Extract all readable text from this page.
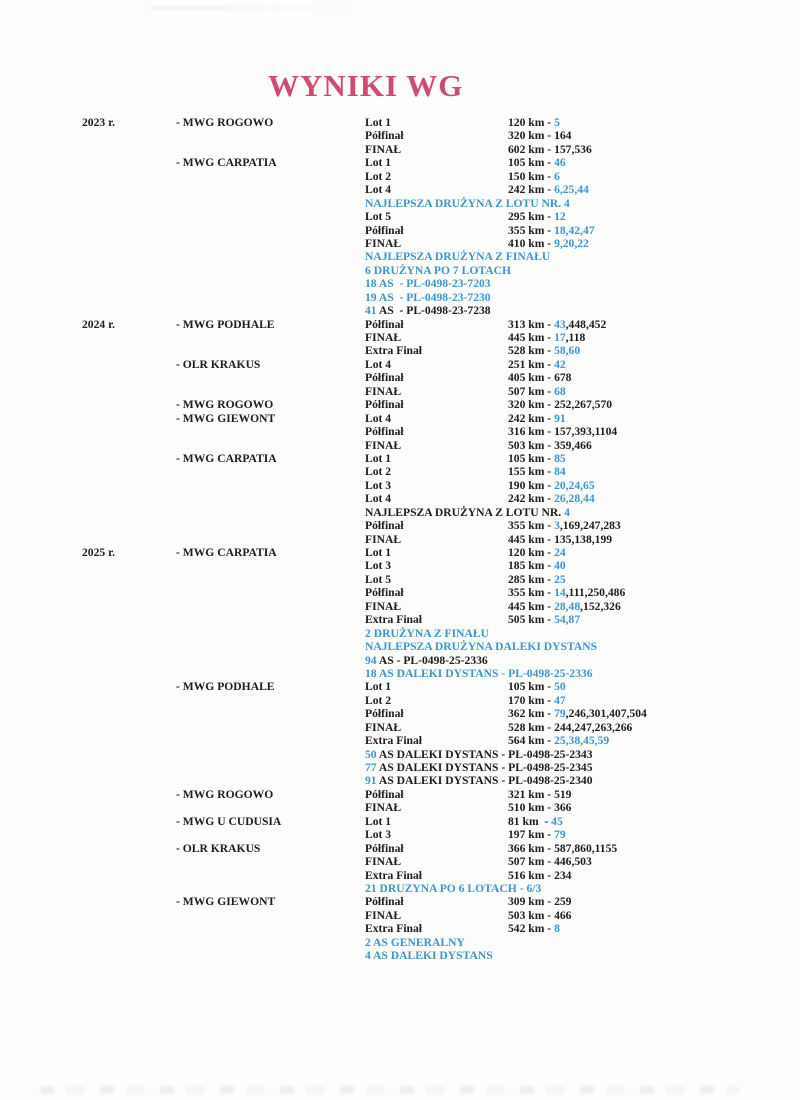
WYNIKI WG
2023 r.	- MWG ROGOWO	Lot 1	120 km - 5
Półfinał	320 km - 164
FINAŁ	602 km - 157,536
- MWG CARPATIA	Lot 1	105 km - 46
Lot 2	150 km - 6
Lot 4	242 km - 6,25,44
NAJLEPSZA DRUŻYNA Z LOTU NR. 4
Lot 5	295 km - 12
Półfinał	355 km - 18,42,47
FINAŁ	410 km - 9,20,22
NAJLEPSZA DRUŻYNA Z FINAŁU
6 DRUŻYNA PO 7 LOTACH
18 AS  - PL-0498-23-7203
19 AS  - PL-0498-23-7230
41 AS  - PL-0498-23-7238
2024 r.	- MWG PODHALE	Półfinał	313 km - 43,448,452
FINAŁ	445 km - 17,118
Extra Finał	528 km - 58,60
- OLR KRAKUS	Lot 4	251 km - 42
Półfinał	405 km - 678
FINAŁ	507 km - 68
- MWG ROGOWO	Półfinał	320 km - 252,267,570
- MWG GIEWONT	Lot 4	242 km - 91
Półfinał	316 km - 157,393,1104
FINAŁ	503 km - 359,466
- MWG CARPATIA	Lot 1	105 km - 85
Lot 2	155 km - 84
Lot 3	190 km - 20,24,65
Lot 4	242 km - 26,28,44
NAJLEPSZA DRUŻYNA Z LOTU NR. 4
Półfinał	355 km - 3,169,247,283
FINAŁ	445 km - 135,138,199
2025 r.	- MWG CARPATIA	Lot 1	120 km - 24
Lot 3	185 km - 40
Lot 5	285 km - 25
Półfinał	355 km - 14,111,250,486
FINAŁ	445 km - 28,48,152,326
Extra Finał	505 km - 54,87
2 DRUŻYNA Z FINAŁU
NAJLEPSZA DRUŻYNA DALEKI DYSTANS
94 AS - PL-0498-25-2336
18 AS DALEKI DYSTANS - PL-0498-25-2336
- MWG PODHALE	Lot 1	105 km - 50
Lot 2	170 km - 47
Półfinał	362 km - 79,246,301,407,504
FINAŁ	528 km - 244,247,263,266
Extra Finał	564 km - 25,38,45,59
50 AS DALEKI DYSTANS - PL-0498-25-2343
77 AS DALEKI DYSTANS - PL-0498-25-2345
91 AS DALEKI DYSTANS - PL-0498-25-2340
- MWG ROGOWO	Półfinał	321 km - 519
FINAŁ	510 km - 366
- MWG U CUDUSIA	Lot 1	81 km  - 45
Lot 3	197 km - 79
- OLR KRAKUS	Półfinał	366 km - 587,860,1155
FINAŁ	507 km - 446,503
Extra Finał	516 km - 234
21 DRUZYNA PO 6 LOTACH - 6/3
- MWG GIEWONT	Półfinał	309 km - 259
FINAŁ	503 km - 466
Extra Finał	542 km - 8
2 AS GENERALNY
4 AS DALEKI DYSTANS
